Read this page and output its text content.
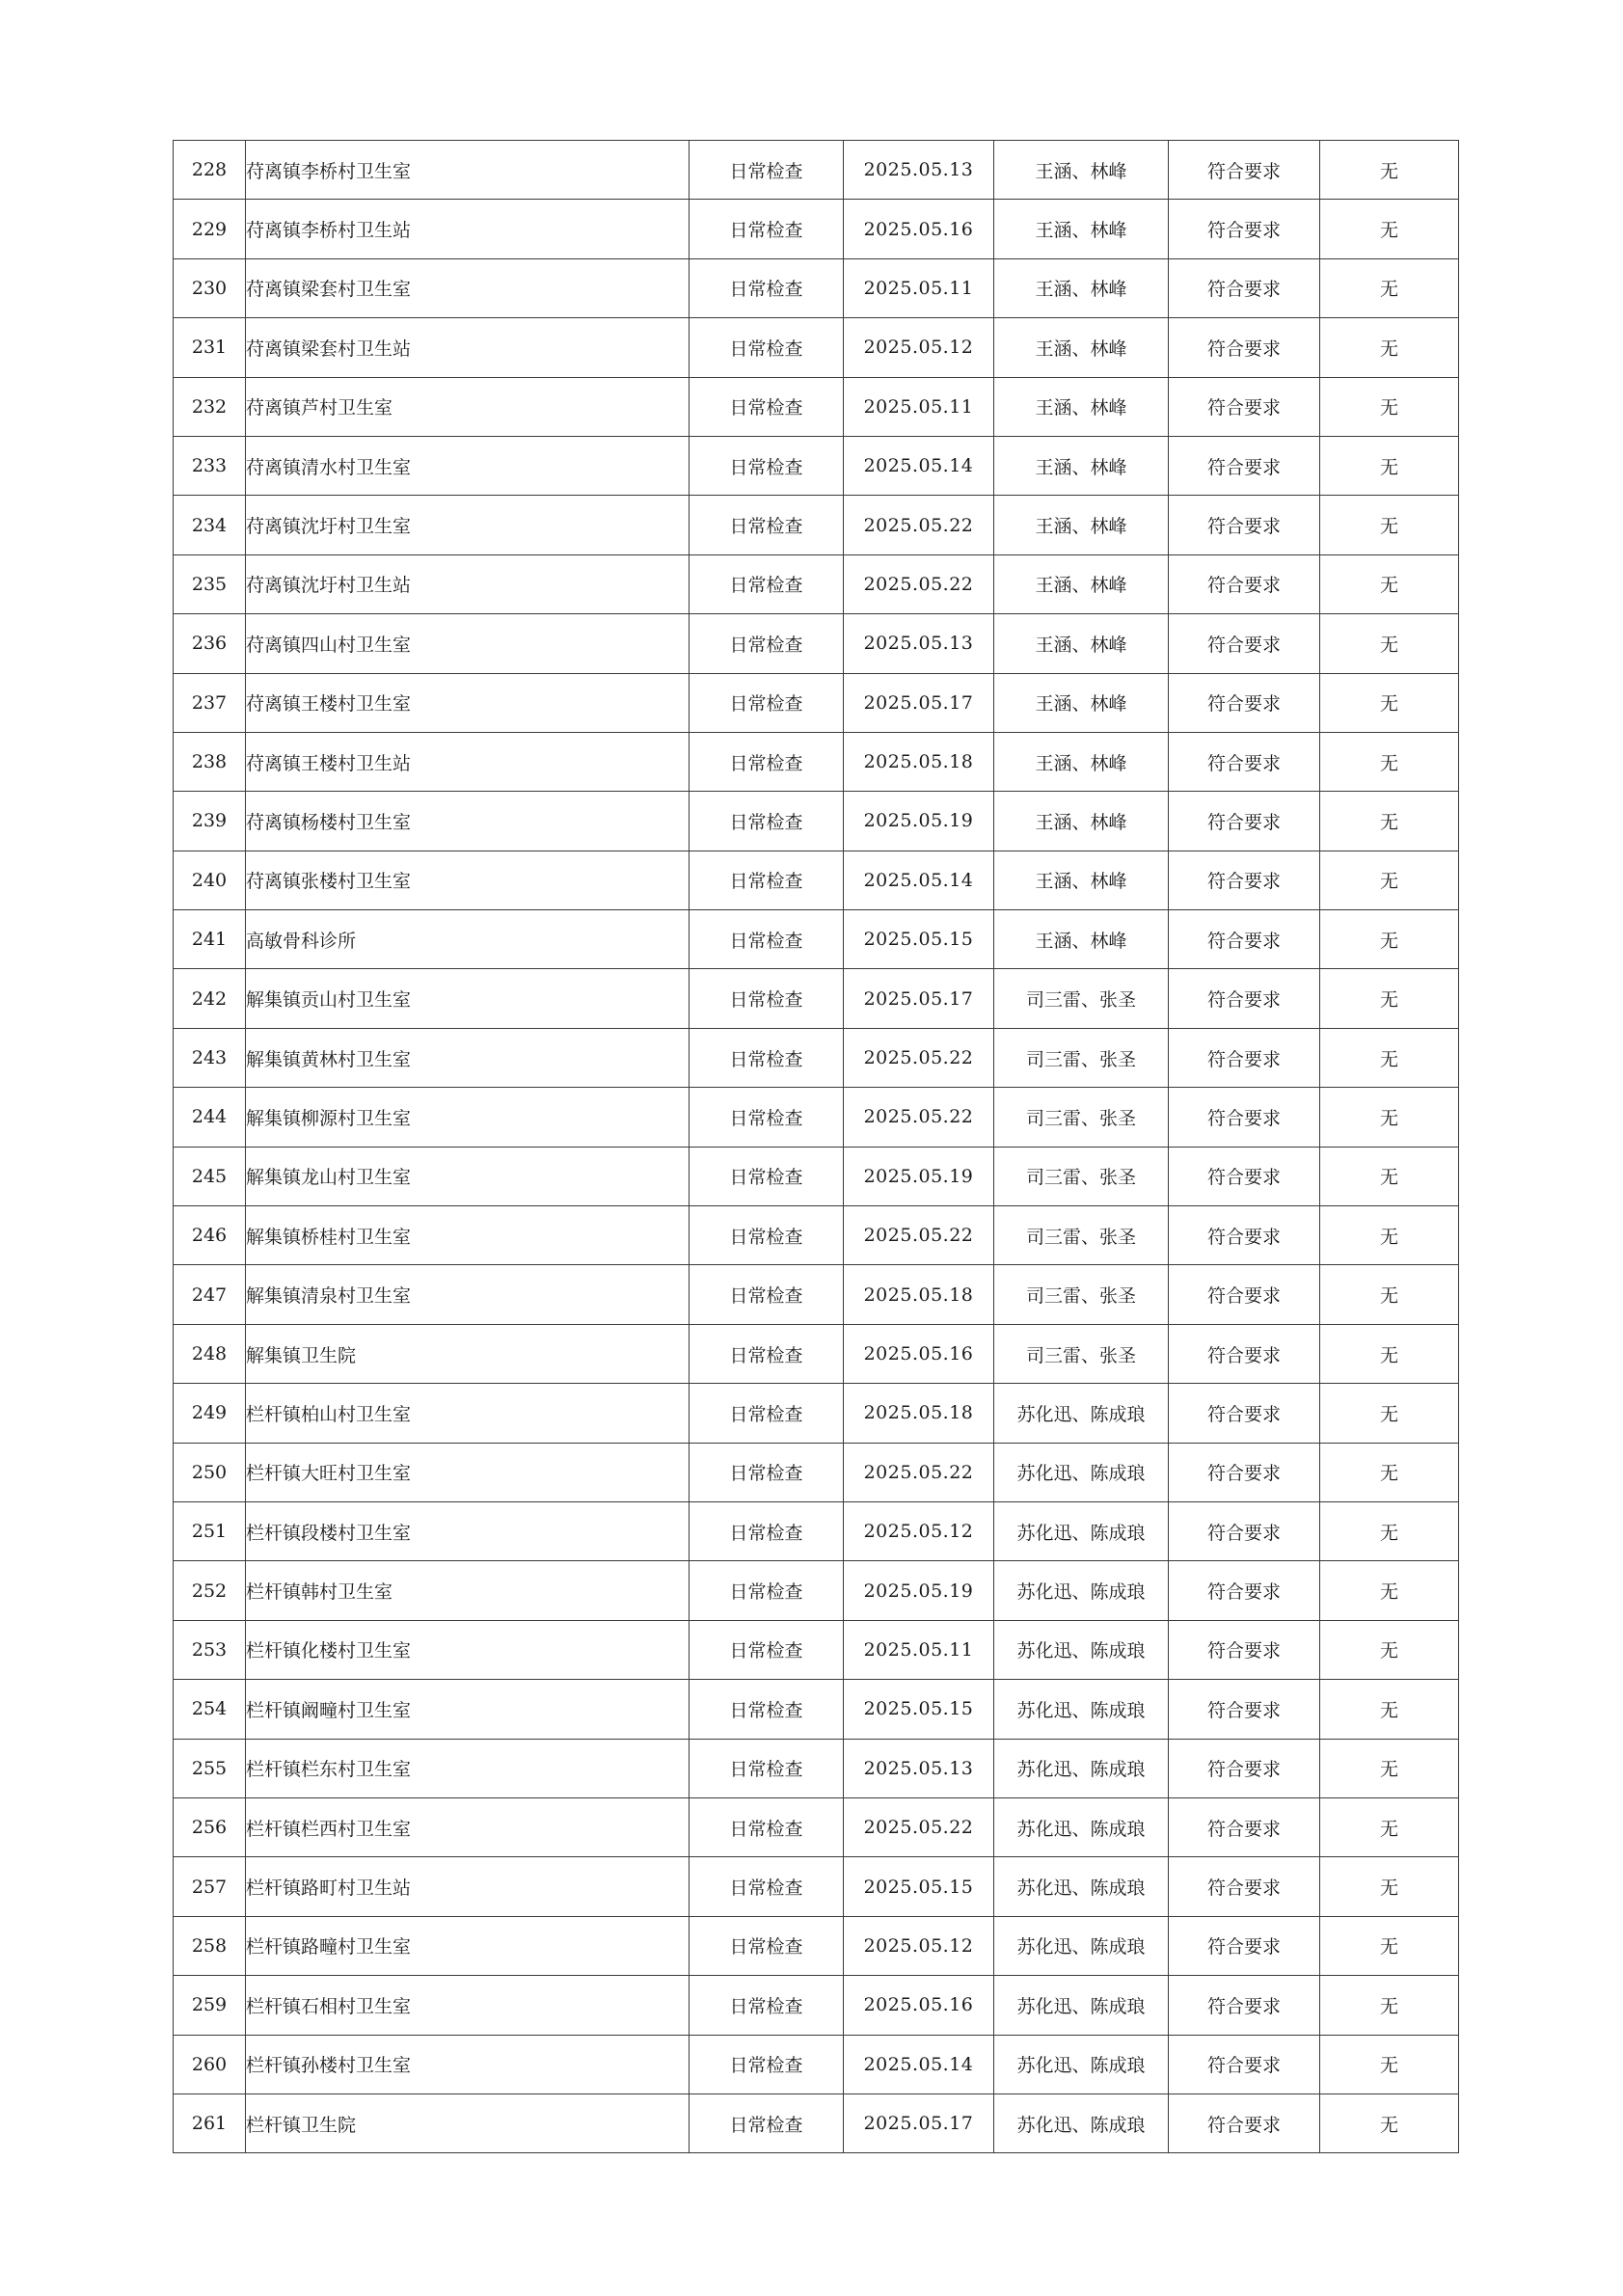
228	苻离镇李桥村卫生室	日常检查	2025.05.13	王涵、林峰	符合要求	无
229	苻离镇李桥村卫生站	日常检查	2025.05.16	王涵、林峰	符合要求	无
230	苻离镇梁套村卫生室	日常检查	2025.05.11	王涵、林峰	符合要求	无
231	苻离镇梁套村卫生站	日常检查	2025.05.12	王涵、林峰	符合要求	无
232	苻离镇芦村卫生室	日常检查	2025.05.11	王涵、林峰	符合要求	无
233	苻离镇清水村卫生室	日常检查	2025.05.14	王涵、林峰	符合要求	无
234	苻离镇沈圩村卫生室	日常检查	2025.05.22	王涵、林峰	符合要求	无
235	苻离镇沈圩村卫生站	日常检查	2025.05.22	王涵、林峰	符合要求	无
236	苻离镇四山村卫生室	日常检查	2025.05.13	王涵、林峰	符合要求	无
237	苻离镇王楼村卫生室	日常检查	2025.05.17	王涵、林峰	符合要求	无
238	苻离镇王楼村卫生站	日常检查	2025.05.18	王涵、林峰	符合要求	无
239	苻离镇杨楼村卫生室	日常检查	2025.05.19	王涵、林峰	符合要求	无
240	苻离镇张楼村卫生室	日常检查	2025.05.14	王涵、林峰	符合要求	无
241	高敏骨科诊所	日常检查	2025.05.15	王涵、林峰	符合要求	无
242	解集镇贡山村卫生室	日常检查	2025.05.17	司三雷、张圣	符合要求	无
243	解集镇黄林村卫生室	日常检查	2025.05.22	司三雷、张圣	符合要求	无
244	解集镇柳源村卫生室	日常检查	2025.05.22	司三雷、张圣	符合要求	无
245	解集镇龙山村卫生室	日常检查	2025.05.19	司三雷、张圣	符合要求	无
246	解集镇桥桂村卫生室	日常检查	2025.05.22	司三雷、张圣	符合要求	无
247	解集镇清泉村卫生室	日常检查	2025.05.18	司三雷、张圣	符合要求	无
248	解集镇卫生院	日常检查	2025.05.16	司三雷、张圣	符合要求	无
249	栏杆镇柏山村卫生室	日常检查	2025.05.18	苏化迅、陈成琅	符合要求	无
250	栏杆镇大旺村卫生室	日常检查	2025.05.22	苏化迅、陈成琅	符合要求	无
251	栏杆镇段楼村卫生室	日常检查	2025.05.12	苏化迅、陈成琅	符合要求	无
252	栏杆镇韩村卫生室	日常检查	2025.05.19	苏化迅、陈成琅	符合要求	无
253	栏杆镇化楼村卫生室	日常检查	2025.05.11	苏化迅、陈成琅	符合要求	无
254	栏杆镇阚疃村卫生室	日常检查	2025.05.15	苏化迅、陈成琅	符合要求	无
255	栏杆镇栏东村卫生室	日常检查	2025.05.13	苏化迅、陈成琅	符合要求	无
256	栏杆镇栏西村卫生室	日常检查	2025.05.22	苏化迅、陈成琅	符合要求	无
257	栏杆镇路町村卫生站	日常检查	2025.05.15	苏化迅、陈成琅	符合要求	无
258	栏杆镇路疃村卫生室	日常检查	2025.05.12	苏化迅、陈成琅	符合要求	无
259	栏杆镇石相村卫生室	日常检查	2025.05.16	苏化迅、陈成琅	符合要求	无
260	栏杆镇孙楼村卫生室	日常检查	2025.05.14	苏化迅、陈成琅	符合要求	无
261	栏杆镇卫生院	日常检查	2025.05.17	苏化迅、陈成琅	符合要求	无
